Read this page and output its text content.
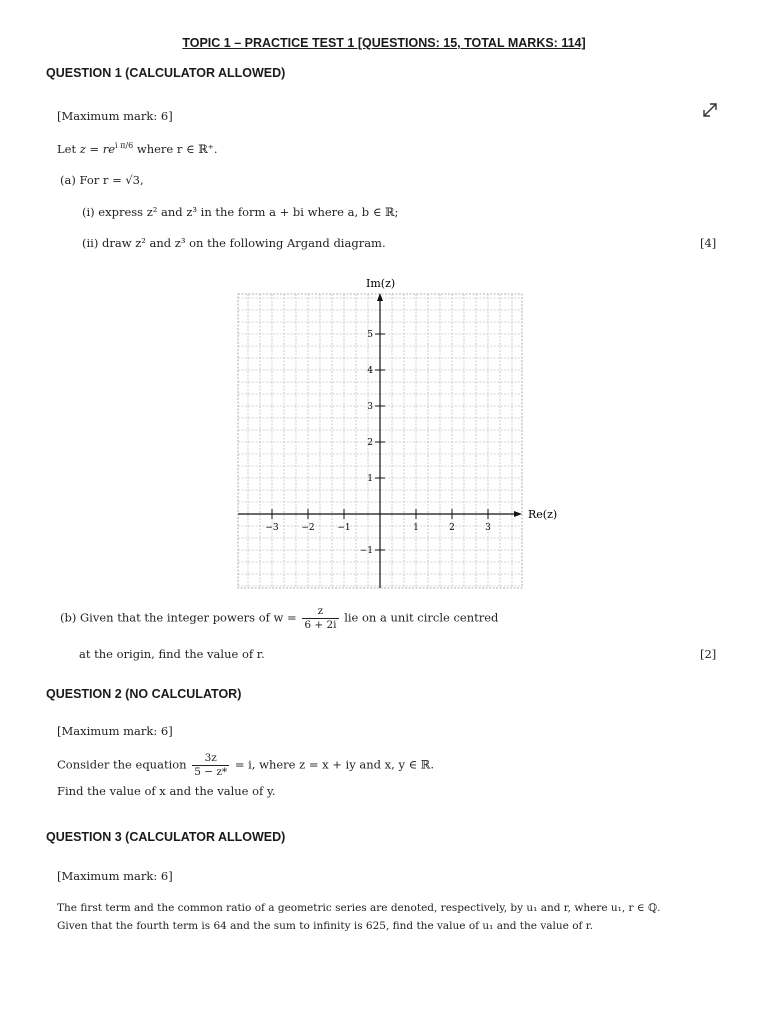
TOPIC 1 – PRACTICE TEST 1 [QUESTIONS: 15, TOTAL MARKS: 114]
QUESTION 1 (CALCULATOR ALLOWED)
[Maximum mark: 6]
Let $z = re^{i \pi/6}$ where r ∈ ℝ⁺.
(a) For r = √3,
(i) express z² and z³ in the form a + bi where a, b ∈ ℝ;
(ii) draw z² and z³ on the following Argand diagram.	[4]
Im(z)
Re(z)
−3	−2	−1	1	2	3
5
4
3
2
1
−1
(b) Given that the integer powers of $w = \frac{z}{6 + 2i}$ lie on a unit circle centred
at the origin, find the value of r.	[2]
QUESTION 2 (NO CALCULATOR)
[Maximum mark: 6]
Consider the equation $\frac{3z}{5 - z*} = i$, where z = x + iy and x, y ∈ ℝ.
Find the value of x and the value of y.
QUESTION 3 (CALCULATOR ALLOWED)
[Maximum mark: 6]
The first term and the common ratio of a geometric series are denoted, respectively, by u₁ and r, where u₁, r ∈ ℚ.
Given that the fourth term is 64 and the sum to infinity is 625, find the value of u₁ and the value of r.
